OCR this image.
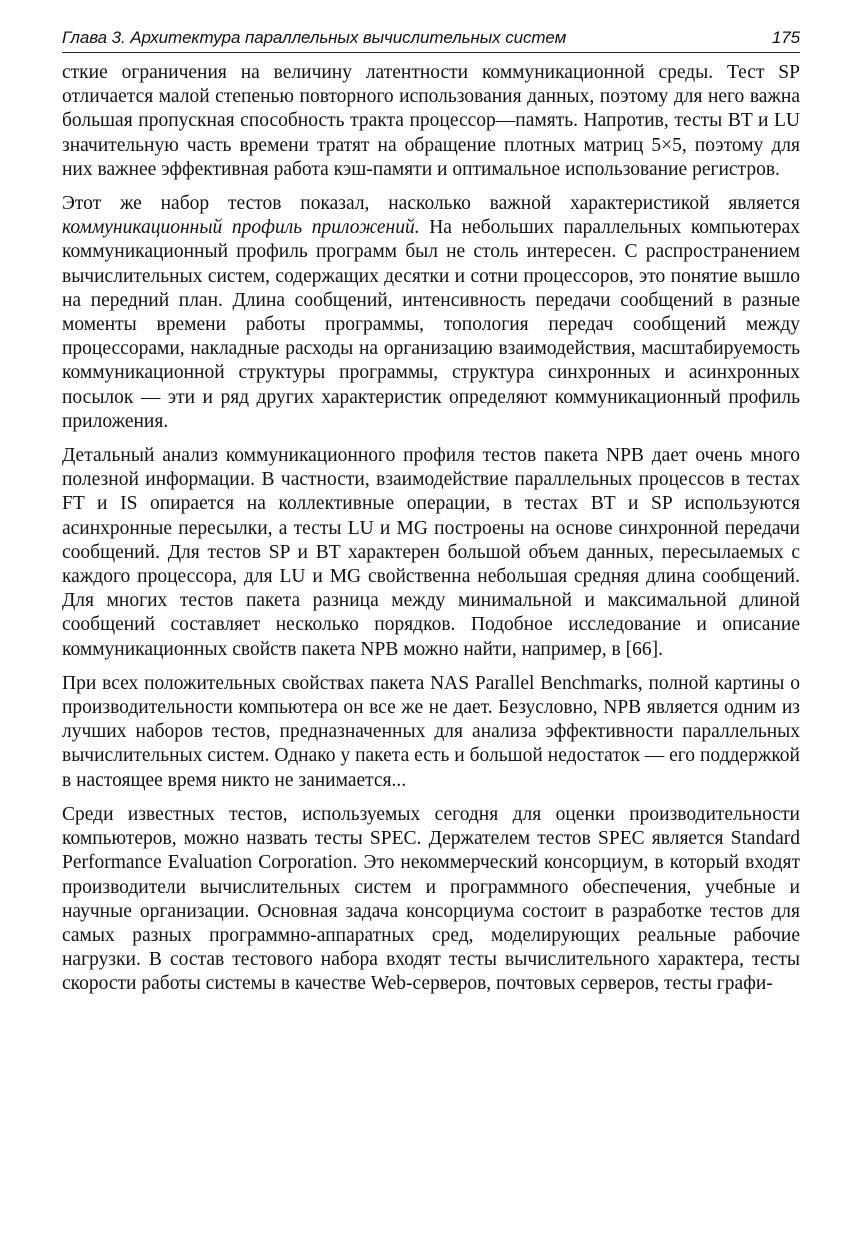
Глава 3. Архитектура параллельных вычислительных систем	175

сткие ограничения на величину латентности коммуникационной среды. Тест SP отличается малой степенью повторного использования данных, поэтому для него важна большая пропускная способность тракта процессор—память. Напротив, тесты BT и LU значительную часть времени тратят на обращение плотных матриц 5×5, поэтому для них важнее эффективная работа кэш-памяти и оптимальное использование регистров.

Этот же набор тестов показал, насколько важной характеристикой является коммуникационный профиль приложений. На небольших параллельных компьютерах коммуникационный профиль программ был не столь интересен. С распространением вычислительных систем, содержащих десятки и сотни процессоров, это понятие вышло на передний план. Длина сообщений, интенсивность передачи сообщений в разные моменты времени работы программы, топология передач сообщений между процессорами, накладные расходы на организацию взаимодействия, масштабируемость коммуникационной структуры программы, структура синхронных и асинхронных посылок — эти и ряд других характеристик определяют коммуникационный профиль приложения.

Детальный анализ коммуникационного профиля тестов пакета NPB дает очень много полезной информации. В частности, взаимодействие параллельных процессов в тестах FT и IS опирается на коллективные операции, в тестах BT и SP используются асинхронные пересылки, а тесты LU и MG построены на основе синхронной передачи сообщений. Для тестов SP и BT характерен большой объем данных, пересылаемых с каждого процессора, для LU и MG свойственна небольшая средняя длина сообщений. Для многих тестов пакета разница между минимальной и максимальной длиной сообщений составляет несколько порядков. Подобное исследование и описание коммуникационных свойств пакета NPB можно найти, например, в [66].

При всех положительных свойствах пакета NAS Parallel Benchmarks, полной картины о производительности компьютера он все же не дает. Безусловно, NPB является одним из лучших наборов тестов, предназначенных для анализа эффективности параллельных вычислительных систем. Однако у пакета есть и большой недостаток — его поддержкой в настоящее время никто не занимается...

Среди известных тестов, используемых сегодня для оценки производительности компьютеров, можно назвать тесты SPEC. Держателем тестов SPEC является Standard Performance Evaluation Corporation. Это некоммерческий консорциум, в который входят производители вычислительных систем и программного обеспечения, учебные и научные организации. Основная задача консорциума состоит в разработке тестов для самых разных программно-аппаратных сред, моделирующих реальные рабочие нагрузки. В состав тестового набора входят тесты вычислительного характера, тесты скорости работы системы в качестве Web-серверов, почтовых серверов, тесты графи-
